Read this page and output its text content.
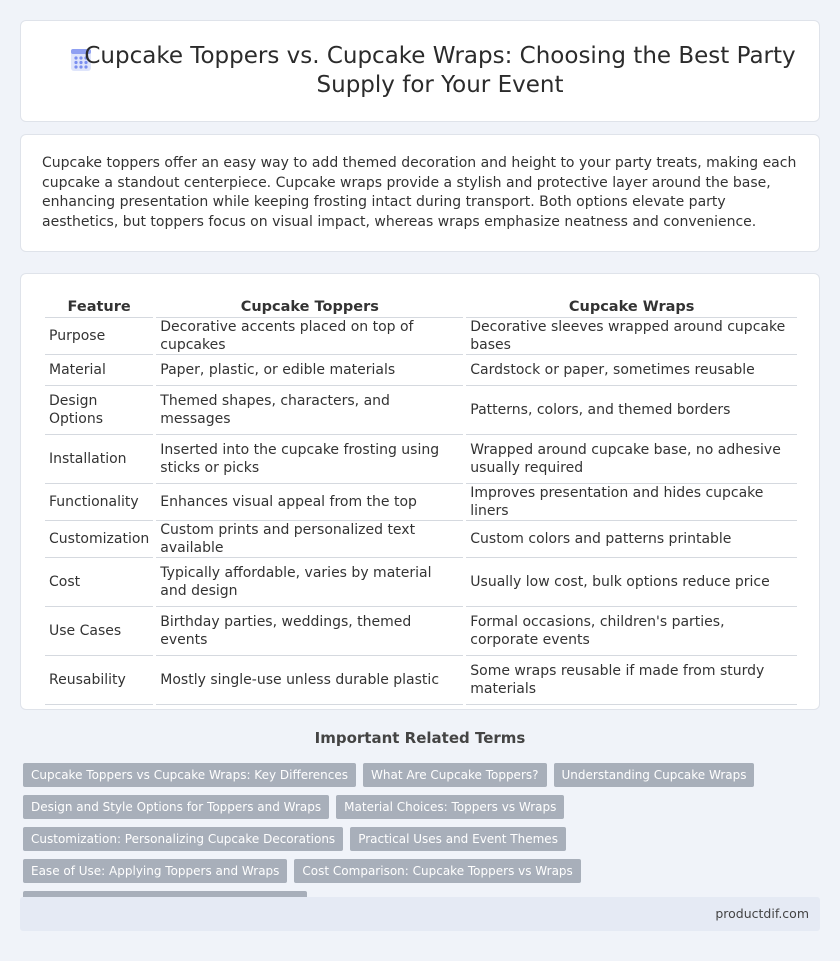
Cupcake Toppers vs. Cupcake Wraps: Choosing the Best Party Supply for Your Event

Cupcake toppers offer an easy way to add themed decoration and height to your party treats, making each cupcake a standout centerpiece. Cupcake wraps provide a stylish and protective layer around the base, enhancing presentation while keeping frosting intact during transport. Both options elevate party aesthetics, but toppers focus on visual impact, whereas wraps emphasize neatness and convenience.

Feature	Cupcake Toppers	Cupcake Wraps
Purpose	Decorative accents placed on top of cupcakes	Decorative sleeves wrapped around cupcake bases
Material	Paper, plastic, or edible materials	Cardstock or paper, sometimes reusable
Design Options	Themed shapes, characters, and messages	Patterns, colors, and themed borders
Installation	Inserted into the cupcake frosting using sticks or picks	Wrapped around cupcake base, no adhesive usually required
Functionality	Enhances visual appeal from the top	Improves presentation and hides cupcake liners
Customization	Custom prints and personalized text available	Custom colors and patterns printable
Cost	Typically affordable, varies by material and design	Usually low cost, bulk options reduce price
Use Cases	Birthday parties, weddings, themed events	Formal occasions, children's parties, corporate events
Reusability	Mostly single-use unless durable plastic	Some wraps reusable if made from sturdy materials
Important Related Terms
Cupcake Toppers vs Cupcake Wraps: Key Differences	What Are Cupcake Toppers?	Understanding Cupcake Wraps
Design and Style Options for Toppers and Wraps	Material Choices: Toppers vs Wraps
Customization: Personalizing Cupcake Decorations	Practical Uses and Event Themes
Ease of Use: Applying Toppers and Wraps	Cost Comparison: Cupcake Toppers vs Wraps
productdif.com
